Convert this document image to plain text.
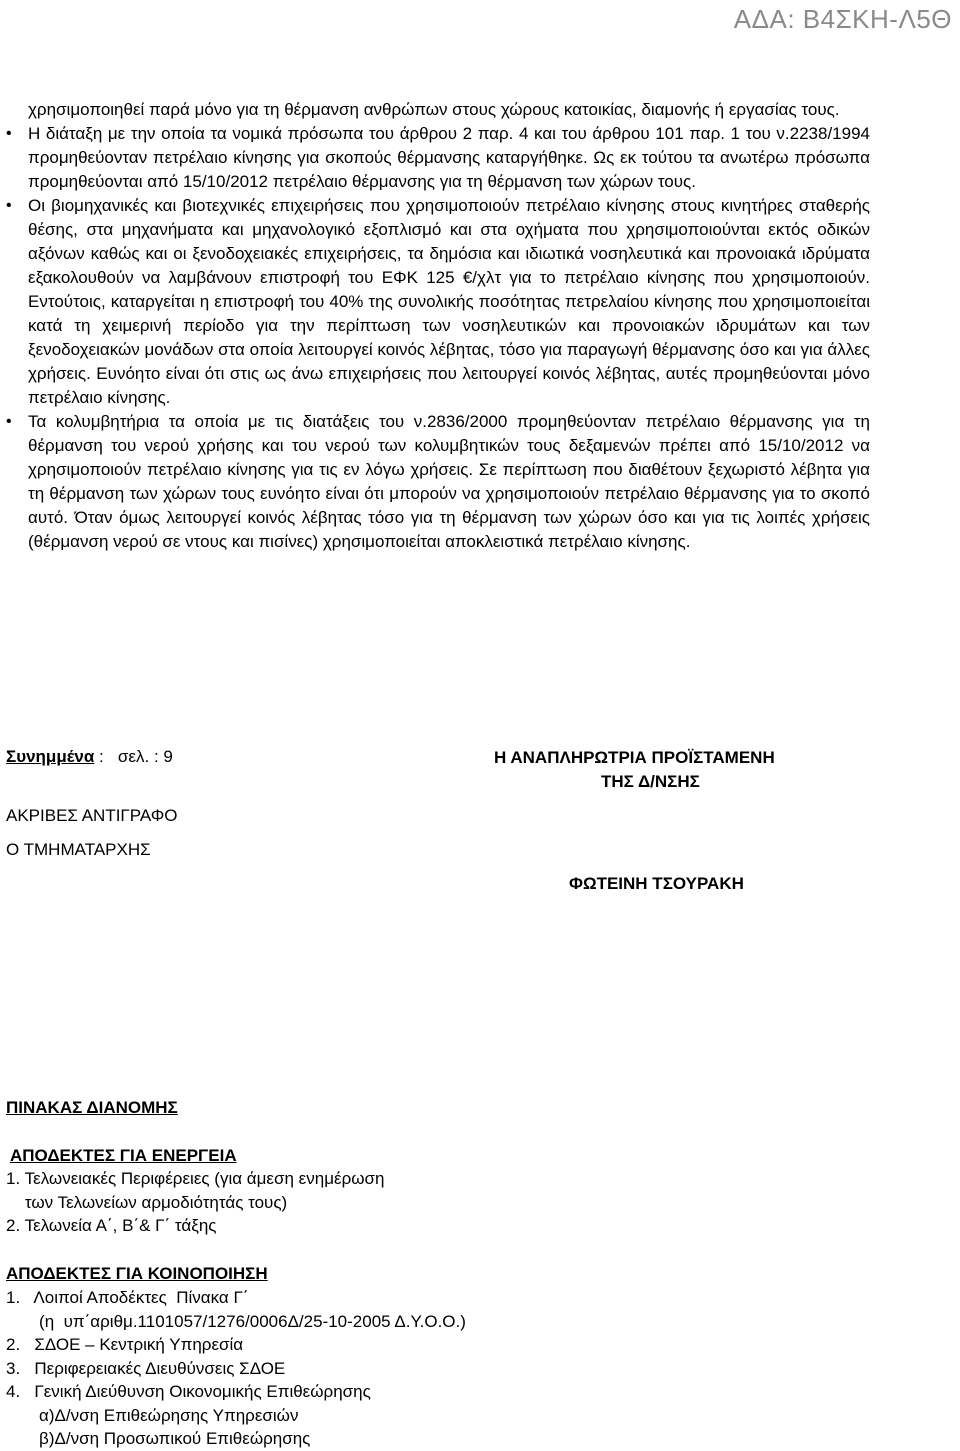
ΑΔΑ: Β4ΣΚΗ-Λ5Θ

χρησιμοποιηθεί παρά μόνο για τη θέρμανση ανθρώπων στους χώρους κατοικίας, διαμονής ή εργασίας τους.

• Η διάταξη με την οποία τα νομικά πρόσωπα του άρθρου 2 παρ. 4 και του άρθρου 101 παρ. 1 του ν.2238/1994 προμηθεύονταν πετρέλαιο κίνησης για σκοπούς θέρμανσης καταργήθηκε. Ως εκ τούτου τα ανωτέρω πρόσωπα προμηθεύονται από 15/10/2012 πετρέλαιο θέρμανσης για τη θέρμανση των χώρων τους.
• Οι βιομηχανικές και βιοτεχνικές επιχειρήσεις που χρησιμοποιούν πετρέλαιο κίνησης στους κινητήρες σταθερής θέσης, στα μηχανήματα και μηχανολογικό εξοπλισμό και στα οχήματα που χρησιμοποιούνται εκτός οδικών αξόνων καθώς και οι ξενοδοχειακές επιχειρήσεις, τα δημόσια και ιδιωτικά νοσηλευτικά και προνοιακά ιδρύματα εξακολουθούν να λαμβάνουν επιστροφή του ΕΦΚ 125 €/χλτ για το πετρέλαιο κίνησης που χρησιμοποιούν. Εντούτοις, καταργείται η επιστροφή του 40% της συνολικής ποσότητας πετρελαίου κίνησης που χρησιμοποιείται κατά τη χειμερινή περίοδο για την περίπτωση των νοσηλευτικών και προνοιακών ιδρυμάτων και των ξενοδοχειακών μονάδων στα οποία λειτουργεί κοινός λέβητας, τόσο για παραγωγή θέρμανσης όσο και για άλλες χρήσεις. Ευνόητο είναι ότι στις ως άνω επιχειρήσεις που λειτουργεί κοινός λέβητας, αυτές προμηθεύονται μόνο πετρέλαιο κίνησης.
• Τα κολυμβητήρια τα οποία με τις διατάξεις του ν.2836/2000 προμηθεύονταν πετρέλαιο θέρμανσης για τη θέρμανση του νερού χρήσης και του νερού των κολυμβητικών τους δεξαμενών πρέπει από 15/10/2012 να χρησιμοποιούν πετρέλαιο κίνησης για τις εν λόγω χρήσεις. Σε περίπτωση που διαθέτουν ξεχωριστό λέβητα για τη θέρμανση των χώρων τους ευνόητο είναι ότι μπορούν να χρησιμοποιούν πετρέλαιο θέρμανσης για το σκοπό αυτό. Όταν όμως λειτουργεί κοινός λέβητας τόσο για τη θέρμανση των χώρων όσο και για τις λοιπές χρήσεις (θέρμανση νερού σε ντους και πισίνες) χρησιμοποιείται αποκλειστικά πετρέλαιο κίνησης.
Συνημμένα :   σελ. : 9	Η ΑΝΑΠΛΗΡΩΤΡΙΑ ΠΡΟΪΣΤΑΜΕΝΗ
ΤΗΣ Δ/ΝΣΗΣ
ΑΚΡΙΒΕΣ ΑΝΤΙΓΡΑΦΟ
Ο ΤΜΗΜΑΤΑΡΧΗΣ
ΦΩΤΕΙΝΗ ΤΣΟΥΡΑΚΗ
ΠΙΝΑΚΑΣ ΔΙΑΝΟΜΗΣ
ΑΠΟΔΕΚΤΕΣ ΓΙΑ ΕΝΕΡΓΕΙΑ
1. Τελωνειακές Περιφέρειες (για άμεση ενημέρωση
των Τελωνείων αρμοδιότητάς τους)
2. Τελωνεία Α΄, Β΄& Γ΄ τάξης
ΑΠΟΔΕΚΤΕΣ ΓΙΑ ΚΟΙΝΟΠΟΙΗΣΗ
1.   Λοιποί Αποδέκτες  Πίνακα Γ΄
(η  υπ΄αριθμ.1101057/1276/0006Δ/25-10-2005 Δ.Υ.Ο.Ο.)
2.   ΣΔΟΕ – Κεντρική Υπηρεσία
3.   Περιφερειακές Διευθύνσεις ΣΔΟΕ
4.   Γενική Διεύθυνση Οικονομικής Επιθεώρησης
α)Δ/νση Επιθεώρησης Υπηρεσιών
β)Δ/νση Προσωπικού Επιθεώρησης
